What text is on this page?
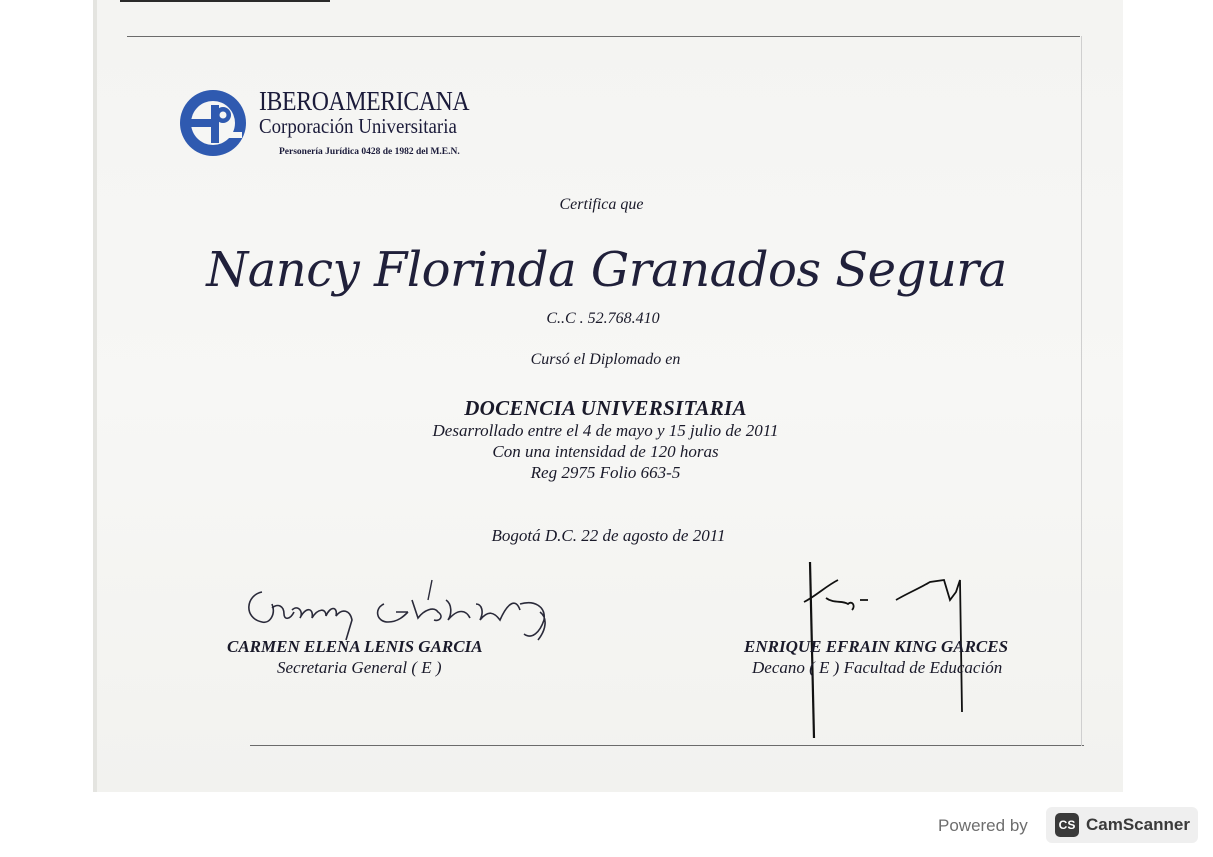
IBEROAMERICANA
Corporación Universitaria
Personería Jurídica 0428 de 1982 del M.E.N.
Certifica que
Nancy Florinda Granados Segura
C..C . 52.768.410
Cursó el Diplomado en
DOCENCIA UNIVERSITARIA
Desarrollado entre el 4 de mayo y 15 julio de 2011
Con una intensidad de 120 horas
Reg 2975 Folio 663-5
Bogotá D.C. 22 de agosto de 2011
CARMEN ELENA LENIS GARCIA
Secretaria General ( E )
ENRIQUE EFRAIN KING GARCES
Decano ( E ) Facultad de Educación
Powered by	CS CamScanner
